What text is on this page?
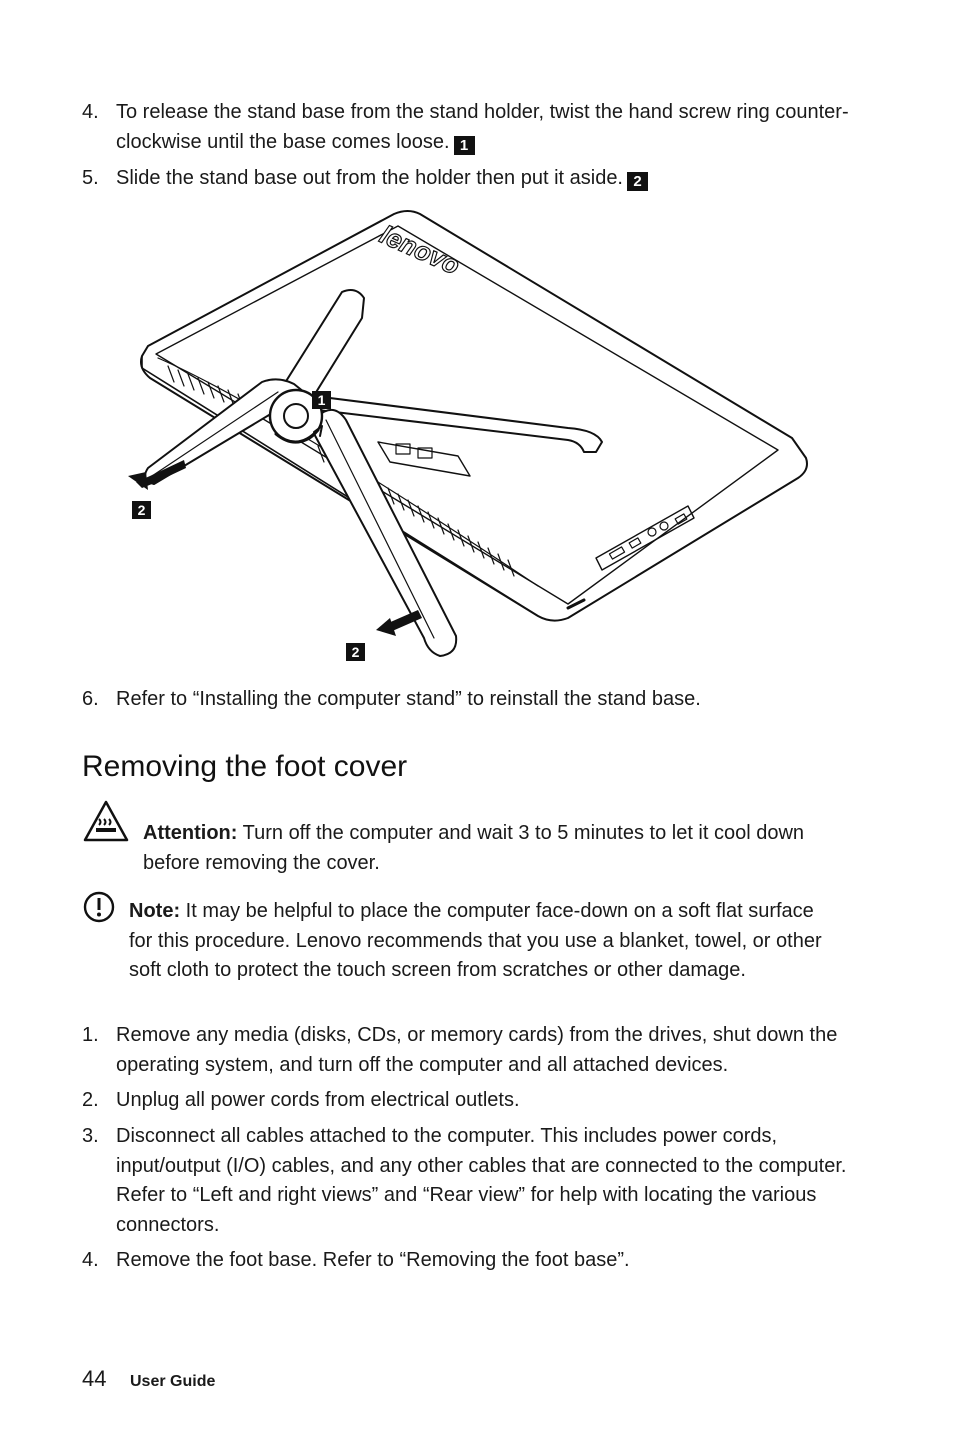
4. To release the stand base from the stand holder, twist the hand screw ring counter-clockwise until the base comes loose. 1
5. Slide the stand base out from the holder then put it aside. 2
lenovo
1
2
2
6. Refer to “Installing the computer stand” to reinstall the stand base.
Removing the foot cover
Attention: Turn off the computer and wait 3 to 5 minutes to let it cool down before removing the cover.
Note: It may be helpful to place the computer face-down on a soft flat surface for this procedure. Lenovo recommends that you use a blanket, towel, or other soft cloth to protect the touch screen from scratches or other damage.
1. Remove any media (disks, CDs, or memory cards) from the drives, shut down the operating system, and turn off the computer and all attached devices.
2. Unplug all power cords from electrical outlets.
3. Disconnect all cables attached to the computer. This includes power cords, input/output (I/O) cables, and any other cables that are connected to the computer. Refer to “Left and right views” and “Rear view” for help with locating the various connectors.
4. Remove the foot base. Refer to “Removing the foot base”.
44 User Guide
